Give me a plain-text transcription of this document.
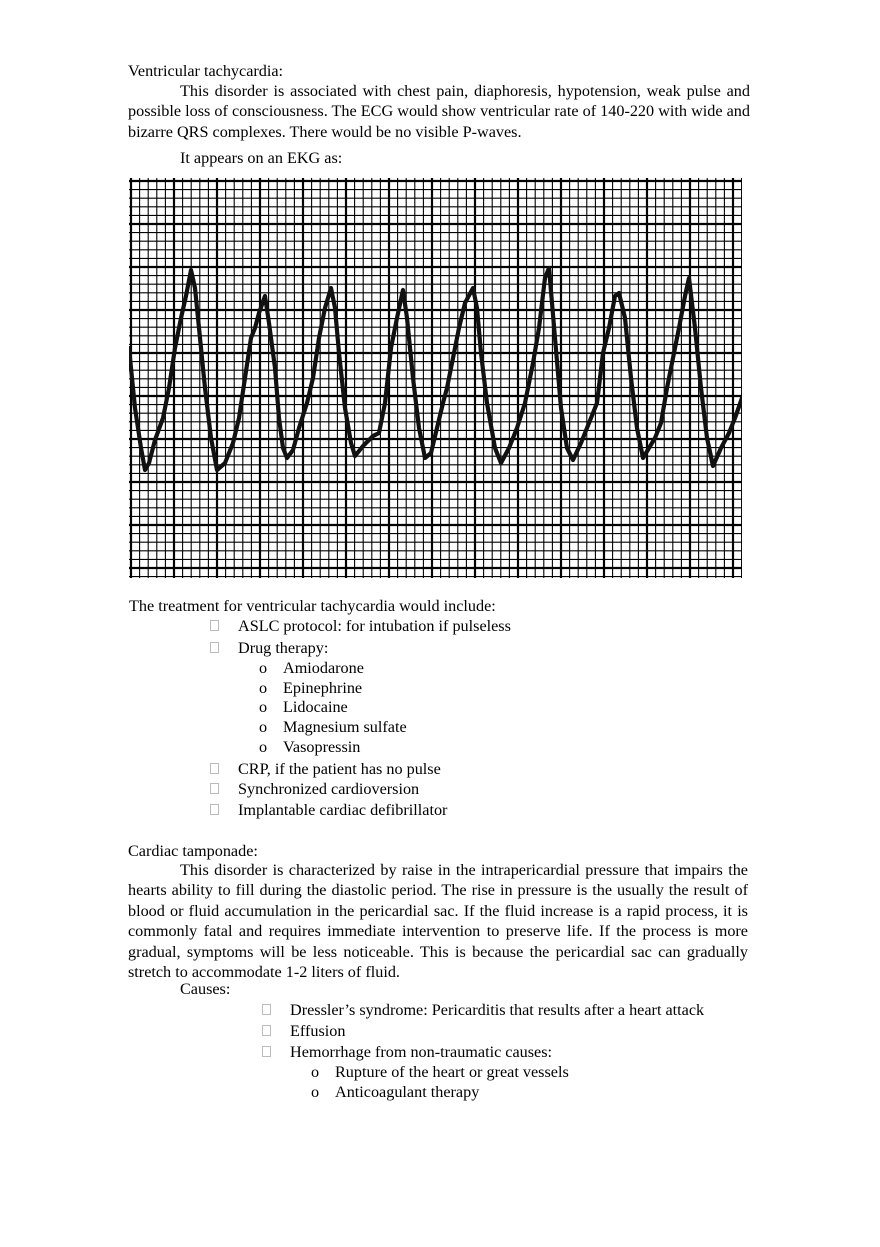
Ventricular tachycardia:
This disorder is associated with chest pain, diaphoresis, hypotension, weak pulse and possible loss of consciousness. The ECG would show ventricular rate of 140-220 with wide and bizarre QRS complexes. There would be no visible P-waves.
It appears on an EKG as:
The treatment for ventricular tachycardia would include:
ASLC protocol: for intubation if pulseless
Drug therapy:
o Amiodarone
o Epinephrine
o Lidocaine
o Magnesium sulfate
o Vasopressin
CRP, if the patient has no pulse
Synchronized cardioversion
Implantable cardiac defibrillator
Cardiac tamponade:
This disorder is characterized by raise in the intrapericardial pressure that impairs the hearts ability to fill during the diastolic period. The rise in pressure is the usually the result of blood or fluid accumulation in the pericardial sac. If the fluid increase is a rapid process, it is commonly fatal and requires immediate intervention to preserve life. If the process is more gradual, symptoms will be less noticeable. This is because the pericardial sac can gradually stretch to accommodate 1-2 liters of fluid.
Causes:
Dressler’s syndrome: Pericarditis that results after a heart attack
Effusion
Hemorrhage from non-traumatic causes:
o Rupture of the heart or great vessels
o Anticoagulant therapy
